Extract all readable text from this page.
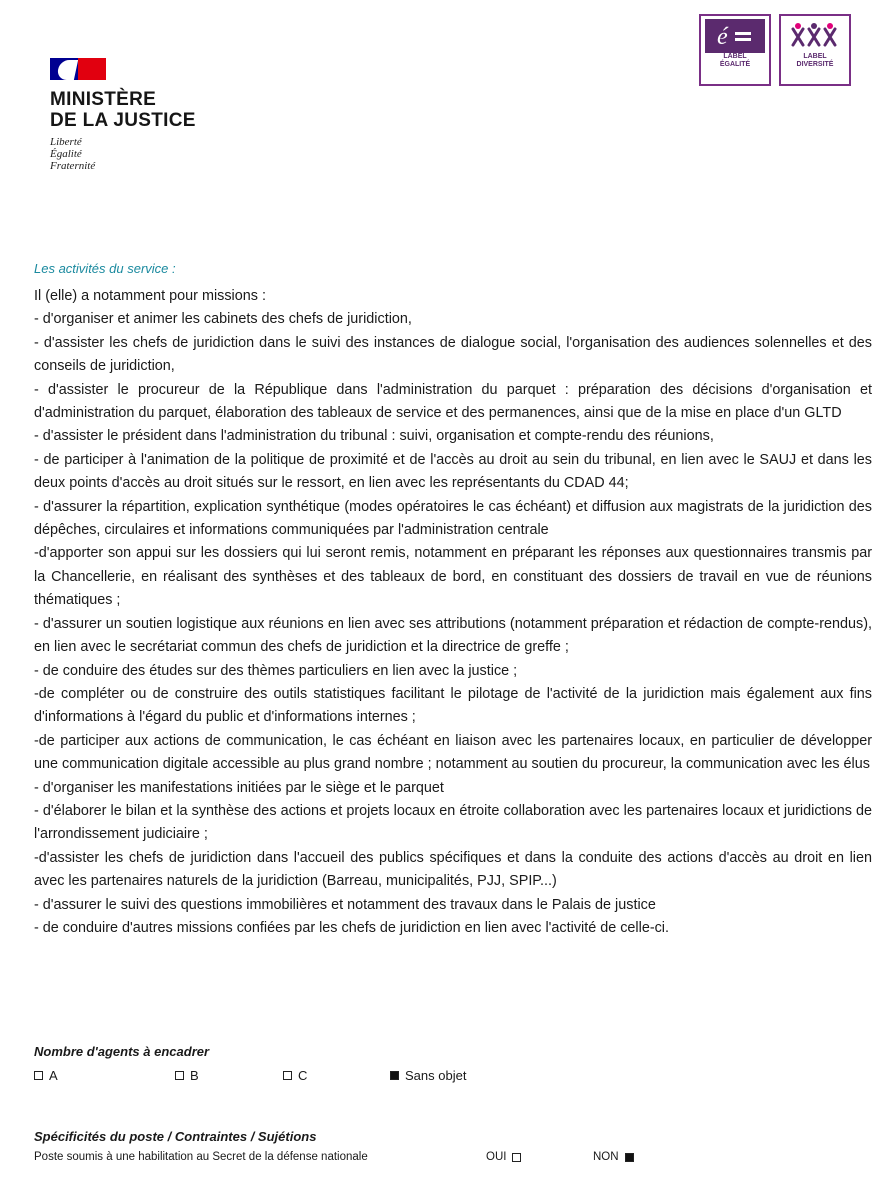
MINISTÈRE
DE LA JUSTICE
Liberté
Égalité
Fraternité
é
LABEL
ÉGALITÉ
LABEL
DIVERSITÉ
Les activités du service :

Il (elle) a notamment pour missions :

- d'organiser et animer les cabinets des chefs de juridiction,

- d'assister les chefs de juridiction dans le suivi des instances de dialogue social, l'organisation des audiences solennelles et des conseils de juridiction,

- d'assister le procureur de la République dans l'administration du parquet : préparation des décisions d'organisation et d'administration du parquet, élaboration des tableaux de service et des permanences, ainsi que de la mise en place d'un GLTD

- d'assister le président dans l'administration du tribunal : suivi, organisation et compte-rendu des réunions,

- de participer à l'animation de la politique de proximité et de l'accès au droit au sein du tribunal, en lien avec le SAUJ et dans les deux points d'accès au droit situés sur le ressort, en lien avec les représentants du CDAD 44;

- d'assurer la répartition, explication synthétique (modes opératoires le cas échéant) et diffusion aux magistrats de la juridiction des dépêches, circulaires et informations communiquées par l'administration centrale

-d'apporter son appui sur les dossiers qui lui seront remis, notamment en préparant les réponses aux questionnaires transmis par la Chancellerie, en réalisant des synthèses et des tableaux de bord, en constituant des dossiers de travail en vue de réunions thématiques ;

- d'assurer un soutien logistique aux réunions en lien avec ses attributions (notamment préparation et rédaction de compte-rendus), en lien avec le secrétariat commun des chefs de juridiction et la directrice de greffe ;

- de conduire des études sur des thèmes particuliers en lien avec la justice ;

-de compléter ou de construire des outils statistiques facilitant le pilotage de l'activité de la juridiction mais également aux fins d'informations à l'égard du public et d'informations internes ;

-de participer aux actions de communication, le cas échéant en liaison avec les partenaires locaux, en particulier de développer une communication digitale accessible au plus grand nombre ; notamment au soutien du procureur, la communication avec les élus

- d'organiser les manifestations initiées par le siège et le parquet

- d'élaborer le bilan et la synthèse des actions et projets locaux en étroite collaboration avec les partenaires locaux et juridictions de l'arrondissement judiciaire ;

-d'assister les chefs de juridiction dans l'accueil des publics spécifiques et dans la conduite des actions d'accès au droit en lien avec les partenaires naturels de la juridiction (Barreau, municipalités, PJJ, SPIP...)

- d'assurer le suivi des questions immobilières et notamment des travaux dans le Palais de justice

- de conduire d'autres missions confiées par les chefs de juridiction en lien avec l'activité de celle-ci.

Nombre d'agents à encadrer
A	B	C	Sans objet
Spécificités du poste / Contraintes / Sujétions
Poste soumis à une habilitation au Secret de la défense nationale	OUI	NON
